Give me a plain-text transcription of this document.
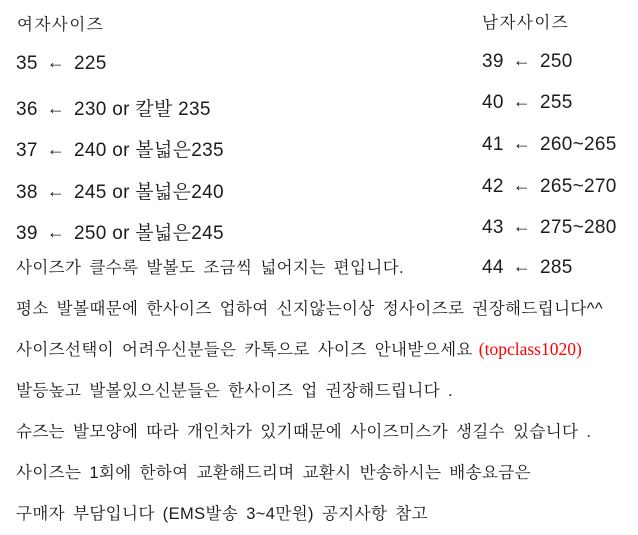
여자사이즈
35 ← 225
36 ← 230 or 칼발 235
37 ← 240 or 볼넓은235
38 ← 245 or 볼넓은240
39 ← 250 or 볼넓은245
남자사이즈
39 ← 250
40 ← 255
41 ← 260~265
42 ← 265~270
43 ← 275~280
44 ← 285
사이즈가 클수록 발볼도 조금씩 넓어지는 편입니다.
평소 발볼때문에 한사이즈 업하여 신지않는이상 정사이즈로 권장해드립니다^^
사이즈선택이 어려우신분들은 카톡으로 사이즈 안내받으세요 (topclass1020)
발등높고 발볼있으신분들은 한사이즈 업 권장해드립니다 .
슈즈는 발모양에 따라 개인차가 있기때문에 사이즈미스가 생길수 있습니다 .
사이즈는 1회에 한하여 교환해드리며 교환시 반송하시는 배송요금은
구매자 부담입니다 (EMS발송 3~4만원) 공지사항 참고
